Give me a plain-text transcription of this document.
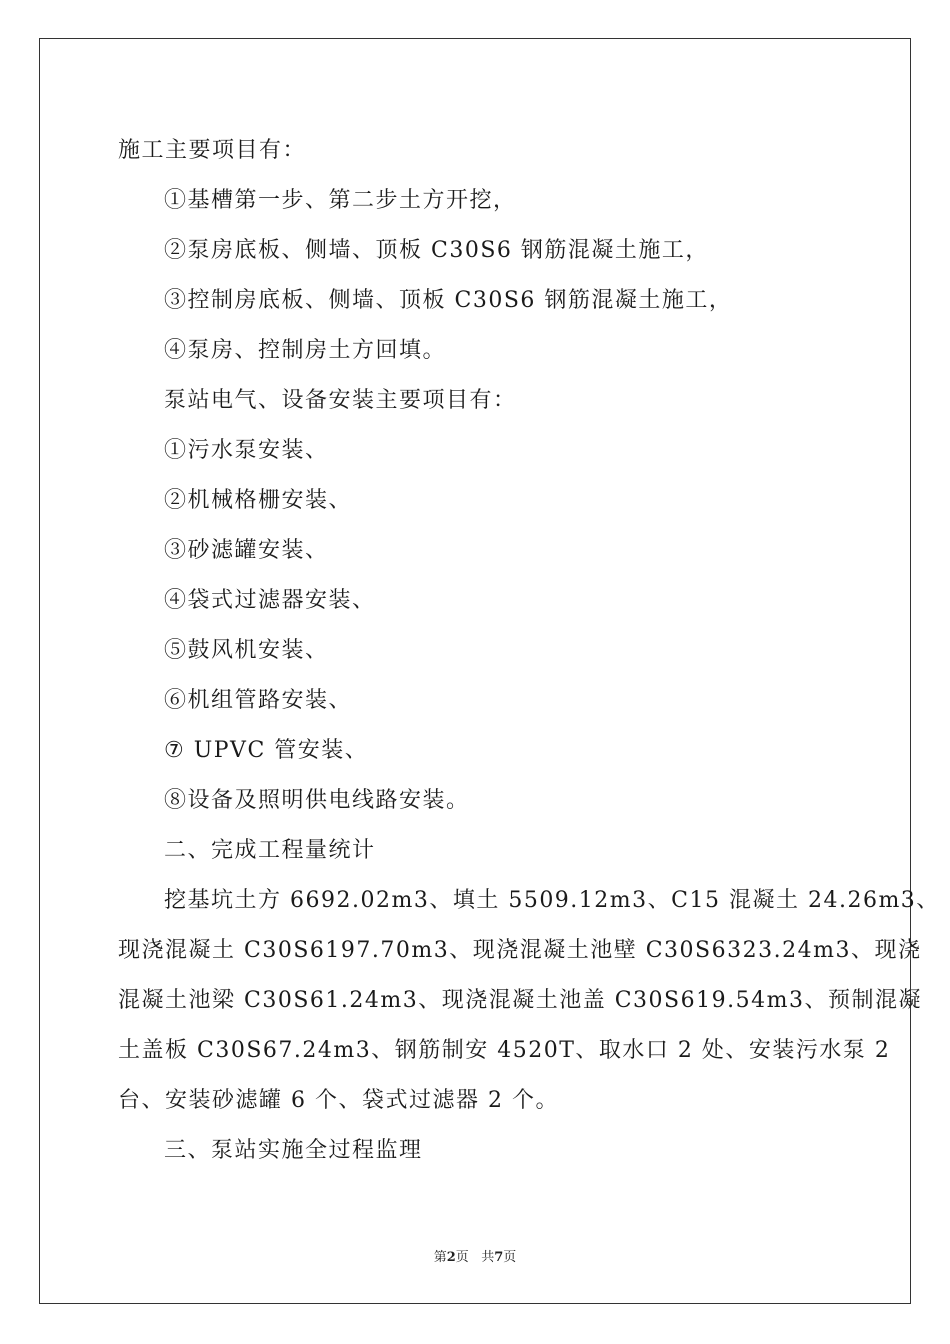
施工主要项目有：
①基槽第一步、第二步土方开挖，
②泵房底板、侧墙、顶板 C30S6 钢筋混凝土施工，
③控制房底板、侧墙、顶板 C30S6 钢筋混凝土施工，
④泵房、控制房土方回填。
泵站电气、设备安装主要项目有：
①污水泵安装、
②机械格栅安装、
③砂滤罐安装、
④袋式过滤器安装、
⑤鼓风机安装、
⑥机组管路安装、
⑦ UPVC 管安装、
⑧设备及照明供电线路安装。
二、完成工程量统计
挖基坑土方 6692.02m3、填土 5509.12m3、C15 混凝土 24.26m3、
现浇混凝土 C30S6197.70m3、现浇混凝土池壁 C30S6323.24m3、现浇
混凝土池梁 C30S61.24m3、现浇混凝土池盖 C30S619.54m3、预制混凝
土盖板 C30S67.24m3、钢筋制安 4520T、取水口 2 处、安装污水泵 2
台、安装砂滤罐 6 个、袋式过滤器 2 个。
三、泵站实施全过程监理
第2页 共7页
